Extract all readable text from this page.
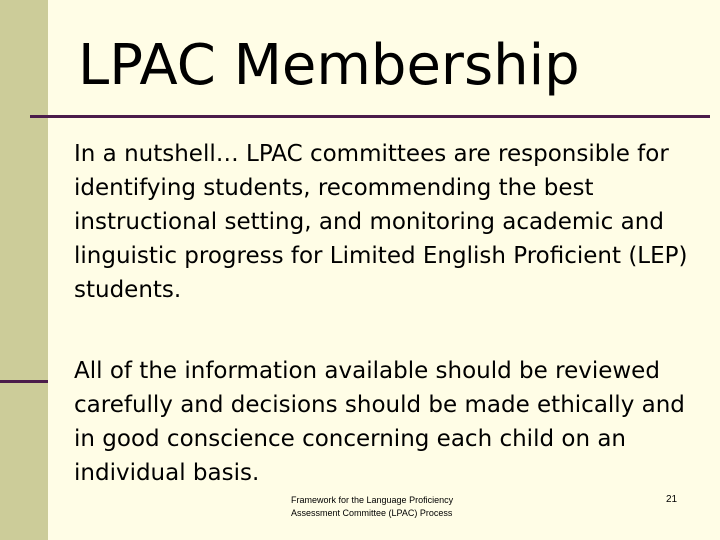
LPAC Membership

In a nutshell… LPAC committees are responsible for identifying students, recommending the best instructional setting, and monitoring academic and linguistic progress for Limited English Proficient (LEP) students.

All of the information available should be reviewed carefully and decisions should be made ethically and in good conscience concerning each child on an individual basis.

Framework for the Language Proficiency
Assessment Committee (LPAC) Process
21
